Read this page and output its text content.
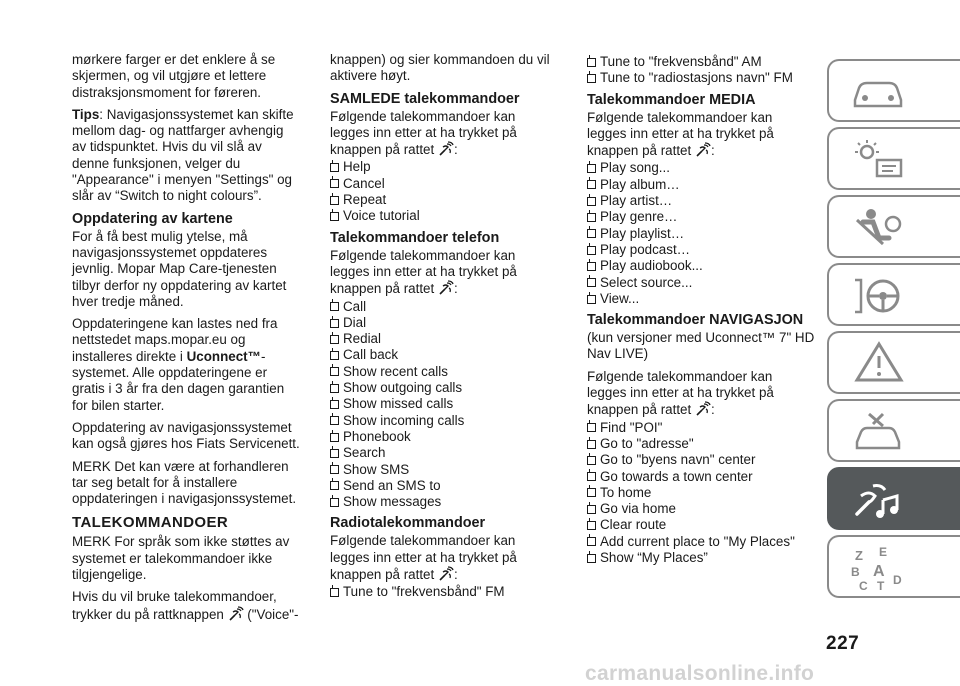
mørkere farger er det enklere å se skjermen, og vil utgjøre et lettere distraksjonsmoment for føreren.

Tips: Navigasjonssystemet kan skifte mellom dag- og nattfarger avhengig av tidspunktet. Hvis du vil slå av denne funksjonen, velger du "Appearance" i menyen "Settings" og slår av “Switch to night colours”.

Oppdatering av kartene

For å få best mulig ytelse, må navigasjonssystemet oppdateres jevnlig. Mopar Map Care-tjenesten tilbyr derfor ny oppdatering av kartet hver tredje måned.

Oppdateringene kan lastes ned fra nettstedet maps.mopar.eu og installeres direkte i Uconnect™-systemet. Alle oppdateringene er gratis i 3 år fra den dagen garantien for bilen starter.

Oppdatering av navigasjonssystemet kan også gjøres hos Fiats Servicenett.

MERK Det kan være at forhandleren tar seg betalt for å installere oppdateringen i navigasjonssystemet.

TALEKOMMANDOER

MERK For språk som ikke støttes av systemet er talekommandoer ikke tilgjengelige.

Hvis du vil bruke talekommandoer, trykker du på rattknappen  ("Voice"-

knappen) og sier kommandoen du vil aktivere høyt.

SAMLEDE talekommandoer

Følgende talekommandoer kan legges inn etter at ha trykket på knappen på rattet :

Help
Cancel
Repeat
Voice tutorial
Talekommandoer telefon

Følgende talekommandoer kan legges inn etter at ha trykket på knappen på rattet :

Call
Dial
Redial
Call back
Show recent calls
Show outgoing calls
Show missed calls
Show incoming calls
Phonebook
Search
Show SMS
Send an SMS to
Show messages
Radiotalekommandoer

Følgende talekommandoer kan legges inn etter at ha trykket på knappen på rattet :

Tune to "frekvensbånd" FM
Tune to "frekvensbånd" AM
Tune to "radiostasjons navn" FM
Talekommandoer MEDIA

Følgende talekommandoer kan legges inn etter at ha trykket på knappen på rattet :

Play song...
Play album…
Play artist…
Play genre…
Play playlist…
Play podcast…
Play audiobook...
Select source...
View...
Talekommandoer NAVIGASJON

(kun versjoner med Uconnect™ 7" HD Nav LIVE)

Følgende talekommandoer kan legges inn etter at ha trykket på knappen på rattet :

Find "POI"
Go to "adresse"
Go to "byens navn" center
Go towards a town center
To home
Go via home
Clear route
Add current place to "My Places"
Show “My Places”	Z E
B A
C T D
227
carmanualsonline.info
